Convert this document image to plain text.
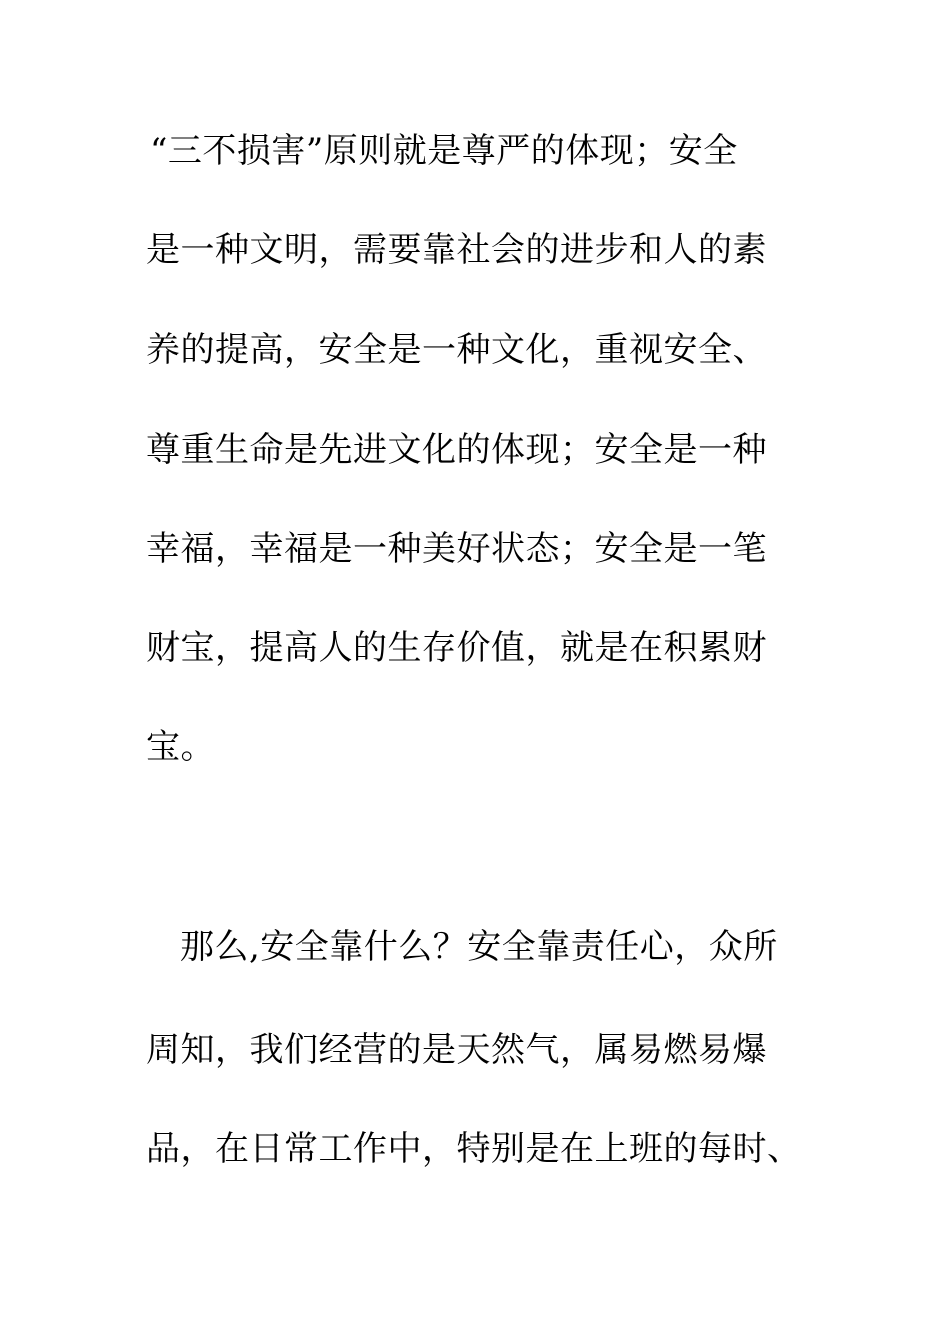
“三不损害”原则就是尊严的体现；安全
是一种文明，需要靠社会的进步和人的素
养的提高，安全是一种文化，重视安全、
尊重生命是先进文化的体现；安全是一种
幸福，幸福是一种美好状态；安全是一笔
财宝，提高人的生存价值，就是在积累财
宝。
那么,安全靠什么？安全靠责任心，众所
周知，我们经营的是天然气，属易燃易爆
品，在日常工作中，特别是在上班的每时、
